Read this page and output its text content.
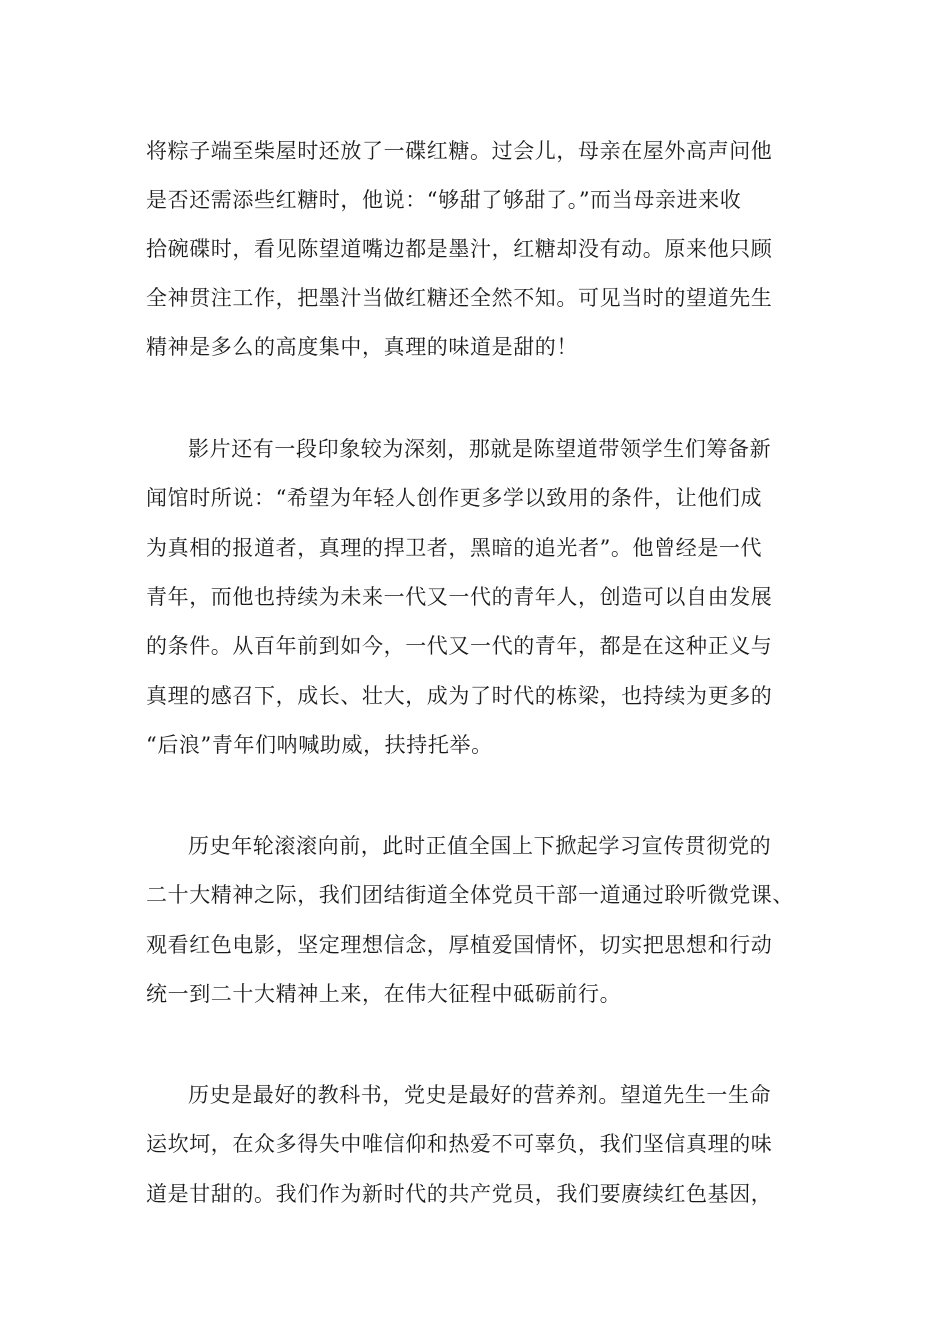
将粽子端至柴屋时还放了一碟红糖。过会儿，母亲在屋外高声问他
是否还需添些红糖时，他说：“够甜了够甜了。”而当母亲进来收
拾碗碟时，看见陈望道嘴边都是墨汁，红糖却没有动。原来他只顾
全神贯注工作，把墨汁当做红糖还全然不知。可见当时的望道先生
精神是多么的高度集中，真理的味道是甜的！
影片还有一段印象较为深刻，那就是陈望道带领学生们筹备新
闻馆时所说：“希望为年轻人创作更多学以致用的条件，让他们成
为真相的报道者，真理的捍卫者，黑暗的追光者”。他曾经是一代
青年，而他也持续为未来一代又一代的青年人，创造可以自由发展
的条件。从百年前到如今，一代又一代的青年，都是在这种正义与
真理的感召下，成长、壮大，成为了时代的栋梁，也持续为更多的
“后浪”青年们呐喊助威，扶持托举。
历史年轮滚滚向前，此时正值全国上下掀起学习宣传贯彻党的
二十大精神之际，我们团结街道全体党员干部一道通过聆听微党课、
观看红色电影，坚定理想信念，厚植爱国情怀，切实把思想和行动
统一到二十大精神上来，在伟大征程中砥砺前行。
历史是最好的教科书，党史是最好的营养剂。望道先生一生命
运坎坷，在众多得失中唯信仰和热爱不可辜负，我们坚信真理的味
道是甘甜的。我们作为新时代的共产党员，我们要赓续红色基因，
